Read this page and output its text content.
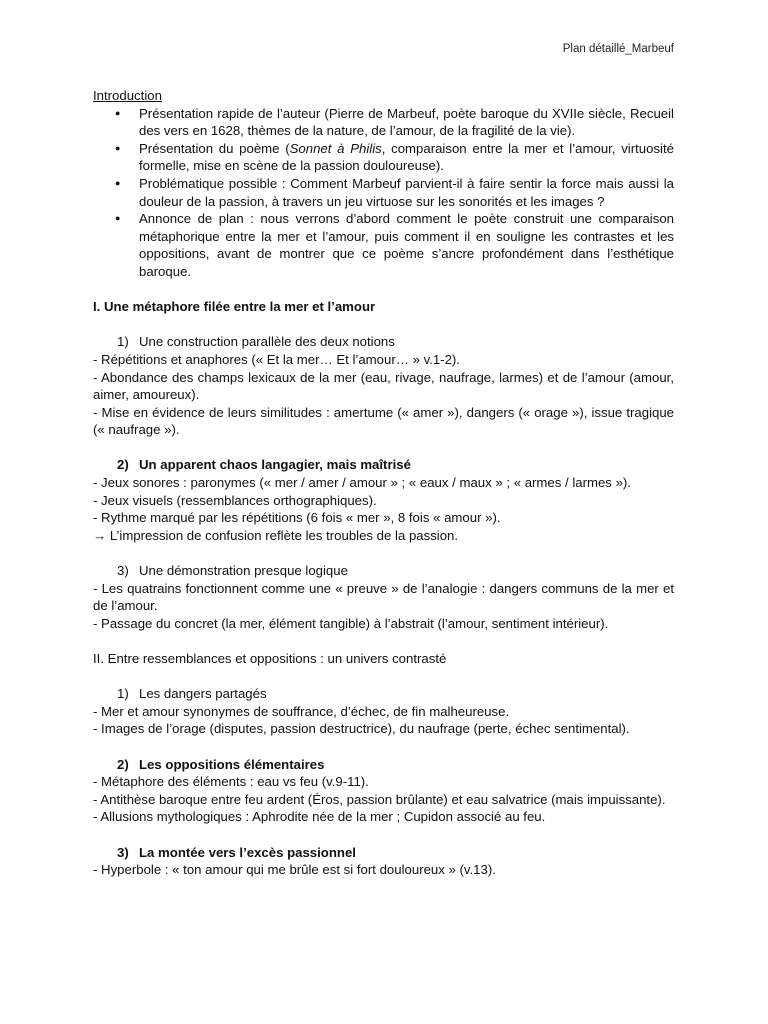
Plan détaillé_Marbeuf

Introduction

● Présentation rapide de l’auteur (Pierre de Marbeuf, poète baroque du XVIIe siècle, Recueil des vers en 1628, thèmes de la nature, de l’amour, de la fragilité de la vie).
● Présentation du poème (Sonnet à Philis, comparaison entre la mer et l’amour, virtuosité formelle, mise en scène de la passion douloureuse).
● Problématique possible : Comment Marbeuf parvient-il à faire sentir la force mais aussi la douleur de la passion, à travers un jeu virtuose sur les sonorités et les images ?
● Annonce de plan : nous verrons d’abord comment le poète construit une comparaison métaphorique entre la mer et l’amour, puis comment il en souligne les contrastes et les oppositions, avant de montrer que ce poème s’ancre profondément dans l’esthétique baroque.

I. Une métaphore filée entre la mer et l’amour

1) Une construction parallèle des deux notions

- Répétitions et anaphores (« Et la mer… Et l’amour… » v.1-2).

- Abondance des champs lexicaux de la mer (eau, rivage, naufrage, larmes) et de l’amour (amour, aimer, amoureux).

- Mise en évidence de leurs similitudes : amertume (« amer »), dangers (« orage »), issue tragique (« naufrage »).

2) Un apparent chaos langagier, mais maîtrisé

- Jeux sonores : paronymes (« mer / amer / amour » ; « eaux / maux » ; « armes / larmes »).

- Jeux visuels (ressemblances orthographiques).

- Rythme marqué par les répétitions (6 fois « mer », 8 fois « amour »).

→ L’impression de confusion reflète les troubles de la passion.

3) Une démonstration presque logique

- Les quatrains fonctionnent comme une « preuve » de l’analogie : dangers communs de la mer et de l’amour.

- Passage du concret (la mer, élément tangible) à l’abstrait (l’amour, sentiment intérieur).

II. Entre ressemblances et oppositions : un univers contrasté

1) Les dangers partagés

- Mer et amour synonymes de souffrance, d’échec, de fin malheureuse.

- Images de l’orage (disputes, passion destructrice), du naufrage (perte, échec sentimental).

2) Les oppositions élémentaires

- Métaphore des éléments : eau vs feu (v.9-11).

- Antithèse baroque entre feu ardent (Éros, passion brûlante) et eau salvatrice (mais impuissante).

- Allusions mythologiques : Aphrodite née de la mer ; Cupidon associé au feu.

3) La montée vers l’excès passionnel

- Hyperbole : « ton amour qui me brûle est si fort douloureux » (v.13).
